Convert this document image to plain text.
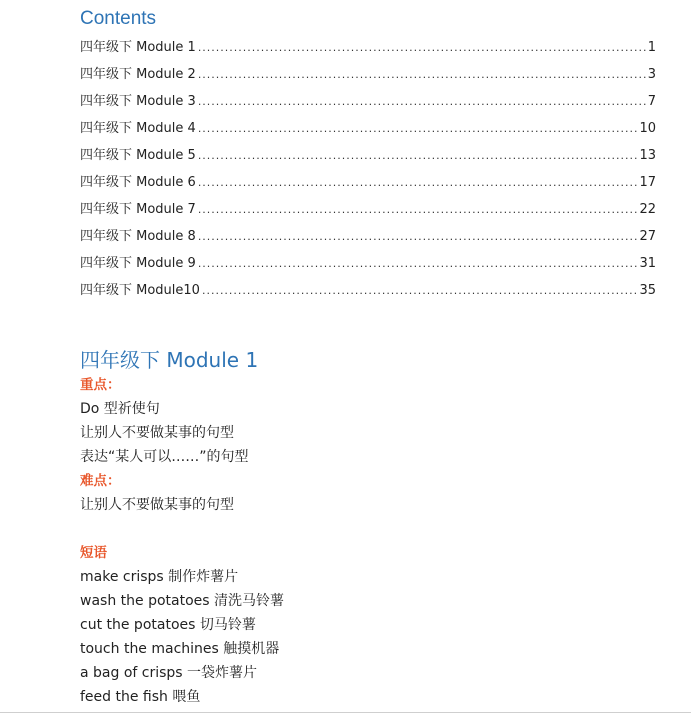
Contents
四年级下 Module 1 .....	1
四年级下 Module 2 .....	3
四年级下 Module 3 .....	7
四年级下 Module 4 .....	10
四年级下 Module 5 .....	13
四年级下 Module 6 .....	17
四年级下 Module 7 .....	22
四年级下 Module 8 .....	27
四年级下 Module 9 .....	31
四年级下 Module10 .....	35
四年级下 Module 1
重点：
Do 型祈使句
让别人不要做某事的句型
表达“某人可以……”的句型
难点：
让别人不要做某事的句型
短语
make crisps 制作炸薯片
wash the potatoes 清洗马铃薯
cut the potatoes 切马铃薯
touch the machines 触摸机器
a bag of crisps 一袋炸薯片
feed the fish 喂鱼
